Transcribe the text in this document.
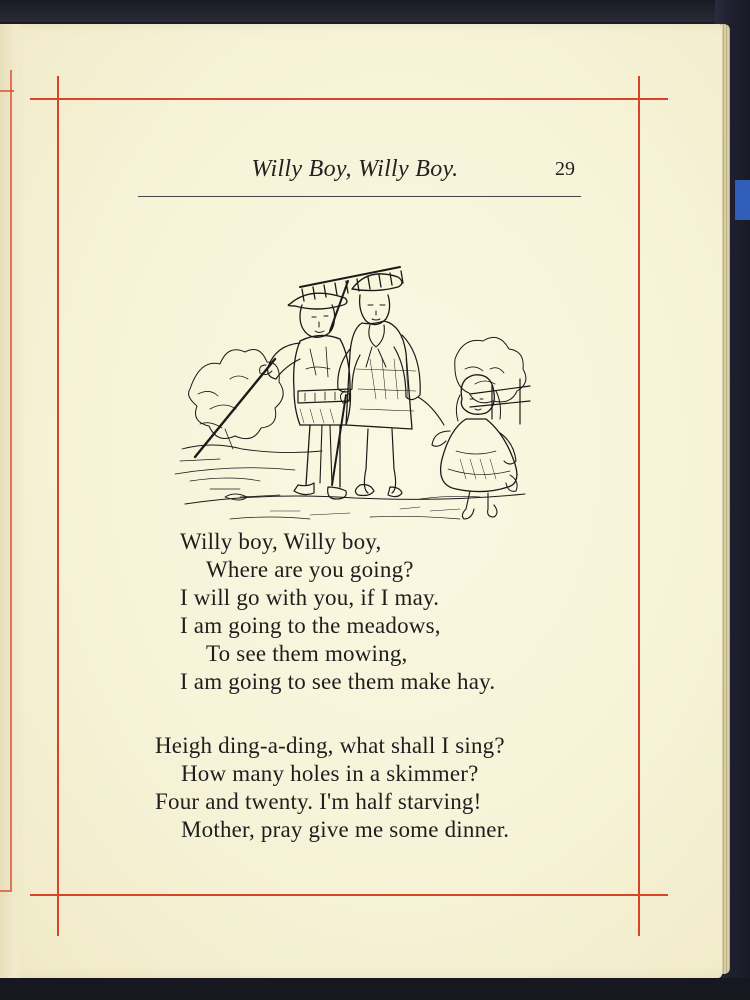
Willy Boy, Willy Boy.	29
Willy boy, Willy boy,
Where are you going?
I will go with you, if I may.
I am going to the meadows,
To see them mowing,
I am going to see them make hay.
Heigh ding-a-ding, what shall I sing?
How many holes in a skimmer?
Four and twenty. I'm half starving!
Mother, pray give me some dinner.
